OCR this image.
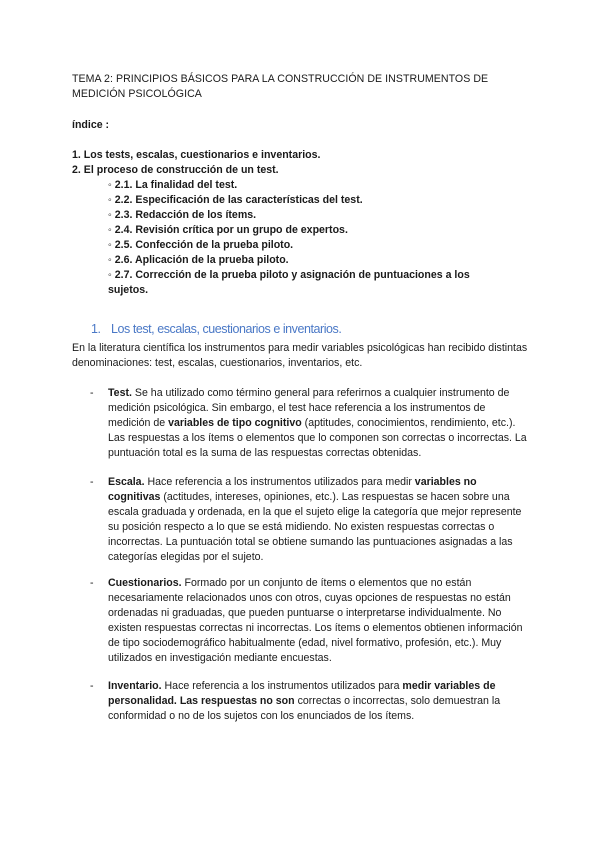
TEMA 2: PRINCIPIOS BÁSICOS PARA LA CONSTRUCCIÓN DE INSTRUMENTOS DE MEDICIÓN PSICOLÓGICA
índice :
1. Los tests, escalas, cuestionarios e inventarios.
2. El proceso de construcción de un test.
◦ 2.1. La finalidad del test.
◦ 2.2. Especificación de las características del test.
◦ 2.3. Redacción de los ítems.
◦ 2.4. Revisión crítica por un grupo de expertos.
◦ 2.5. Confección de la prueba piloto.
◦ 2.6. Aplicación de la prueba piloto.
◦ 2.7. Corrección de la prueba piloto y asignación de puntuaciones a los sujetos.
1. Los test, escalas, cuestionarios e inventarios.
En la literatura científica los instrumentos para medir variables psicológicas han recibido distintas denominaciones: test, escalas, cuestionarios, inventarios, etc.
- Test. Se ha utilizado como término general para referirnos a cualquier instrumento de medición psicológica. Sin embargo, el test hace referencia a los instrumentos de medición de variables de tipo cognitivo (aptitudes, conocimientos, rendimiento, etc.). Las respuestas a los ítems o elementos que lo componen son correctas o incorrectas. La puntuación total es la suma de las respuestas correctas obtenidas.
- Escala. Hace referencia a los instrumentos utilizados para medir variables no cognitivas (actitudes, intereses, opiniones, etc.). Las respuestas se hacen sobre una escala graduada y ordenada, en la que el sujeto elige la categoría que mejor represente su posición respecto a lo que se está midiendo. No existen respuestas correctas o incorrectas. La puntuación total se obtiene sumando las puntuaciones asignadas a las categorías elegidas por el sujeto.
- Cuestionarios. Formado por un conjunto de ítems o elementos que no están necesariamente relacionados unos con otros, cuyas opciones de respuestas no están ordenadas ni graduadas, que pueden puntuarse o interpretarse individualmente. No existen respuestas correctas ni incorrectas. Los ítems o elementos obtienen información de tipo sociodemográfico habitualmente (edad, nivel formativo, profesión, etc.). Muy utilizados en investigación mediante encuestas.
- Inventario. Hace referencia a los instrumentos utilizados para medir variables de personalidad. Las respuestas no son correctas o incorrectas, solo demuestran la conformidad o no de los sujetos con los enunciados de los ítems.
